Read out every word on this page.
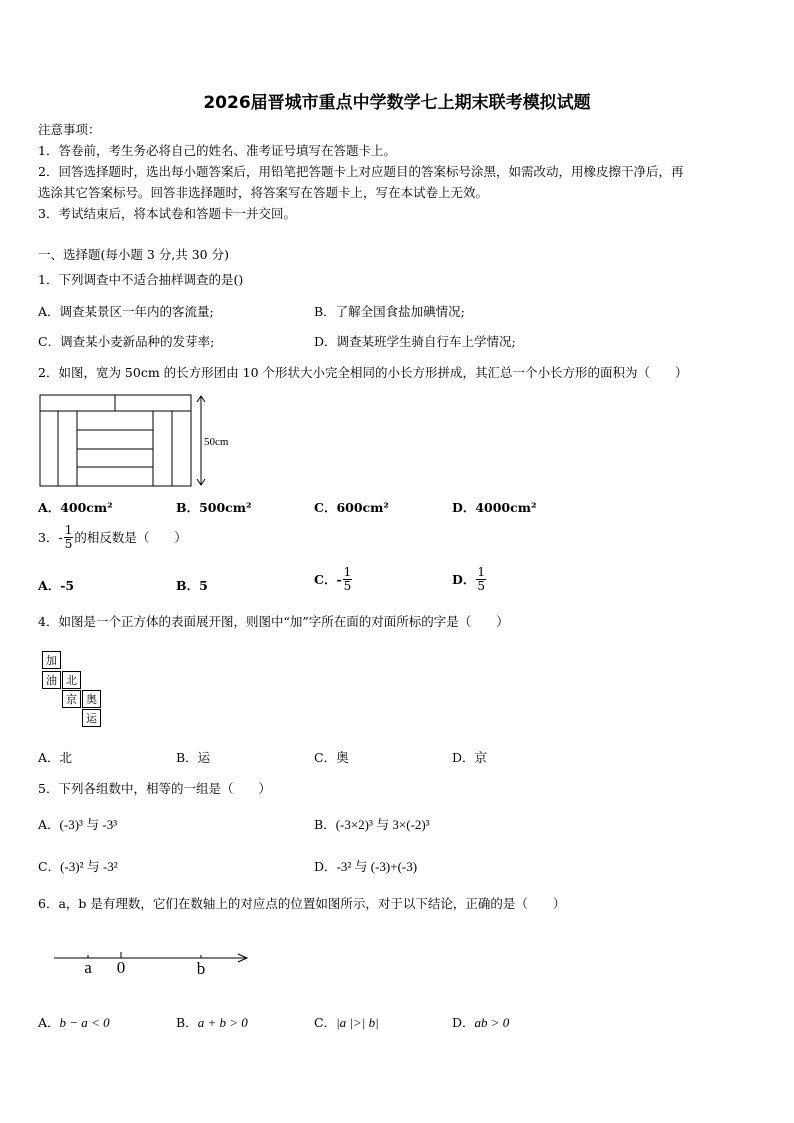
2026届晋城市重点中学数学七上期末联考模拟试题
注意事项：
1．答卷前，考生务必将自己的姓名、准考证号填写在答题卡上。
2．回答选择题时，选出每小题答案后，用铅笔把答题卡上对应题目的答案标号涂黑，如需改动，用橡皮擦干净后，再
选涂其它答案标号。回答非选择题时，将答案写在答题卡上，写在本试卷上无效。
3．考试结束后，将本试卷和答题卡一并交回。
一、选择题(每小题 3 分,共 30 分)
1．下列调查中不适合抽样调查的是()
A．调查某景区一年内的客流量;	B．了解全国食盐加碘情况;
C．调查某小麦新品种的发芽率;	D．调查某班学生骑自行车上学情况;
2．如图，宽为 50cm 的长方形团由 10 个形状大小完全相同的小长方形拼成，其汇总一个小长方形的面积为（　　）
50cm
A．400cm²	B．500cm²	C．600cm²	D．4000cm²
3．- $\frac{1}{5}$ 的相反数是（　　）
A．-5	B．5	C．- $\frac{1}{5}$	D． $\frac{1}{5}$
4．如图是一个正方体的表面展开图，则图中“加”字所在面的对面所标的字是（　　）
加
油 北
京 奥
运
A．北	B．运	C．奥	D．京
5．下列各组数中，相等的一组是（　　）
A．(-3)³ 与 -3³	B．(-3×2)³ 与 3×(-2)³
C．(-3)² 与 -3²	D．-3² 与 (-3)+(-3)
6．a，b 是有理数，它们在数轴上的对应点的位置如图所示，对于以下结论，正确的是（　　）
a 0	b
A．b − a < 0	B．a + b > 0	C．|a |>| b|	D．ab > 0
